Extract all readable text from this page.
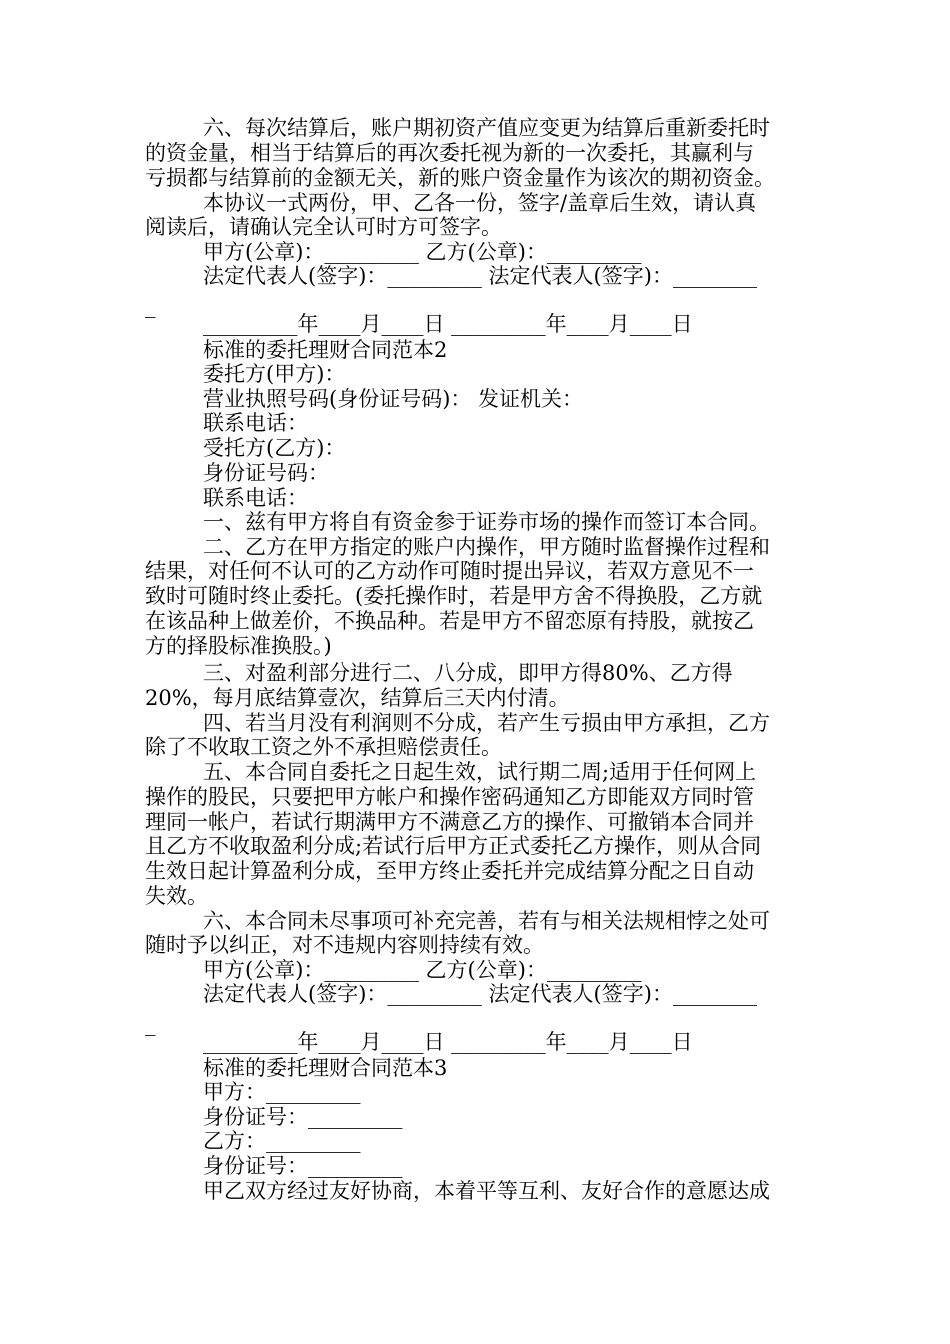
六、每次结算后，账户期初资产值应变更为结算后重新委托时
的资金量，相当于结算后的再次委托视为新的一次委托，其赢利与
亏损都与结算前的金额无关，新的账户资金量作为该次的期初资金。
本协议一式两份，甲、乙各一份，签字/盖章后生效，请认真
阅读后，请确认完全认可时方可签字。
甲方(公章)：_________ 乙方(公章)：_________
法定代表人(签字)：_________ 法定代表人(签字)：________
_
_________年____月____日 _________年____月____日
标准的委托理财合同范本2
委托方(甲方)：
营业执照号码(身份证号码)： 发证机关：
联系电话：
受托方(乙方)：
身份证号码：
联系电话：
一、兹有甲方将自有资金参于证券市场的操作而签订本合同。
二、乙方在甲方指定的账户内操作，甲方随时监督操作过程和
结果，对任何不认可的乙方动作可随时提出异议，若双方意见不一
致时可随时终止委托。(委托操作时，若是甲方舍不得换股，乙方就
在该品种上做差价，不换品种。若是甲方不留恋原有持股，就按乙
方的择股标准换股。)
三、对盈利部分进行二、八分成，即甲方得80%、乙方得
20%，每月底结算壹次，结算后三天内付清。
四、若当月没有利润则不分成，若产生亏损由甲方承担，乙方
除了不收取工资之外不承担赔偿责任。
五、本合同自委托之日起生效，试行期二周;适用于任何网上
操作的股民，只要把甲方帐户和操作密码通知乙方即能双方同时管
理同一帐户，若试行期满甲方不满意乙方的操作、可撤销本合同并
且乙方不收取盈利分成;若试行后甲方正式委托乙方操作，则从合同
生效日起计算盈利分成，至甲方终止委托并完成结算分配之日自动
失效。
六、本合同未尽事项可补充完善，若有与相关法规相悖之处可
随时予以纠正，对不违规内容则持续有效。
甲方(公章)：_________ 乙方(公章)：_________
法定代表人(签字)：_________ 法定代表人(签字)：________
_
_________年____月____日 _________年____月____日
标准的委托理财合同范本3
甲方：_________
身份证号：_________
乙方：_________
身份证号：_________
甲乙双方经过友好协商，本着平等互利、友好合作的意愿达成
